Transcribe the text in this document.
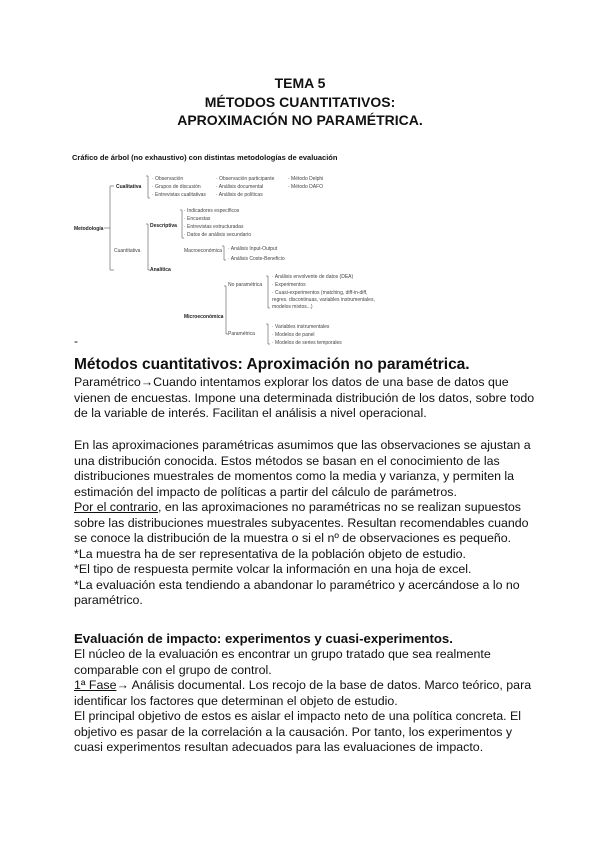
TEMA 5
MÉTODOS CUANTITATIVOS:
APROXIMACIÓN NO PARAMÉTRICA.
Cráfico de árbol (no exhaustivo) con distintas metodologías de evaluación
Metodología
Cualitativa
· Observación
· Grupos de discusión
· Entrevistas cualitativas
· Observación participante
· Análisis documental
· Análisis de políticas
· Método Delphi
· Método DAFO
Cuantitativa
Descriptiva
· Indicadores específicos
· Encuestas
· Entrevistas estructuradas
· Datos de análisis secundario
Macroeconómica · Análisis Input-Output
· Análisis Coste-Beneficio
Analítica
Microeconómica
No paramétrica
· Análisis envolvente de datos (DEA)
· Experimentos
· Cuasi-experimentos (matching, diff-in-diff,
regres. discontinuas, variables instrumentales,
modelos mixtos...)
Paramétrica
· Variables instrumentales
· Modelos de panel
· Modelos de series temporales
-
Métodos cuantitativos: Aproximación no paramétrica.
Paramétrico→Cuando intentamos explorar los datos de una base de datos que
vienen de encuestas. Impone una determinada distribución de los datos, sobre todo
de la variable de interés. Facilitan el análisis a nivel operacional.
En las aproximaciones paramétricas asumimos que las observaciones se ajustan a
una distribución conocida. Estos métodos se basan en el conocimiento de las
distribuciones muestrales de momentos como la media y varianza, y permiten la
estimación del impacto de políticas a partir del cálculo de parámetros.
Por el contrario, en las aproximaciones no paramétricas no se realizan supuestos
sobre las distribuciones muestrales subyacentes. Resultan recomendables cuando
se conoce la distribución de la muestra o si el nº de observaciones es pequeño.
*La muestra ha de ser representativa de la población objeto de estudio.
*El tipo de respuesta permite volcar la información en una hoja de excel.
*La evaluación esta tendiendo a abandonar lo paramétrico y acercándose a lo no
paramétrico.
Evaluación de impacto: experimentos y cuasi-experimentos.
El núcleo de la evaluación es encontrar un grupo tratado que sea realmente
comparable con el grupo de control.
1ª Fase→ Análisis documental. Los recojo de la base de datos. Marco teórico, para
identificar los factores que determinan el objeto de estudio.
El principal objetivo de estos es aislar el impacto neto de una política concreta. El
objetivo es pasar de la correlación a la causación. Por tanto, los experimentos y
cuasi experimentos resultan adecuados para las evaluaciones de impacto.
